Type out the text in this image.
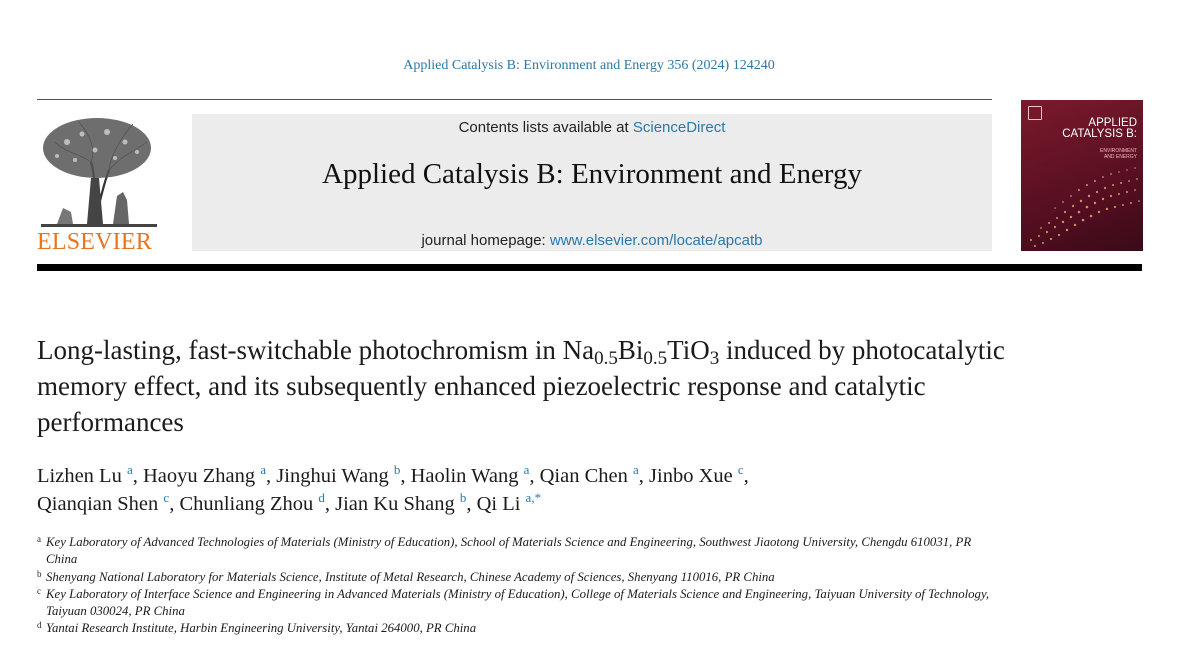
Applied Catalysis B: Environment and Energy 356 (2024) 124240
ELSEVIER
Contents lists available at ScienceDirect
Applied Catalysis B: Environment and Energy
journal homepage: www.elsevier.com/locate/apcatb
APPLIED
CATALYSIS B:
ENVIRONMENT
AND ENERGY
Long-lasting, fast-switchable photochromism in $Na_{0.5}Bi_{0.5}TiO_3$ induced by photocatalytic memory effect, and its subsequently enhanced piezoelectric response and catalytic performances
Lizhen Lu $^a$, Haoyu Zhang $^a$, Jinghui Wang $^b$, Haolin Wang $^a$, Qian Chen $^a$, Jinbo Xue $^c$,
Qianqian Shen $^c$, Chunliang Zhou $^d$, Jian Ku Shang $^b$, Qi Li $^{a,*}$
a Key Laboratory of Advanced Technologies of Materials (Ministry of Education), School of Materials Science and Engineering, Southwest Jiaotong University, Chengdu 610031, PR China
b Shenyang National Laboratory for Materials Science, Institute of Metal Research, Chinese Academy of Sciences, Shenyang 110016, PR China
c Key Laboratory of Interface Science and Engineering in Advanced Materials (Ministry of Education), College of Materials Science and Engineering, Taiyuan University of Technology, Taiyuan 030024, PR China
d Yantai Research Institute, Harbin Engineering University, Yantai 264000, PR China
